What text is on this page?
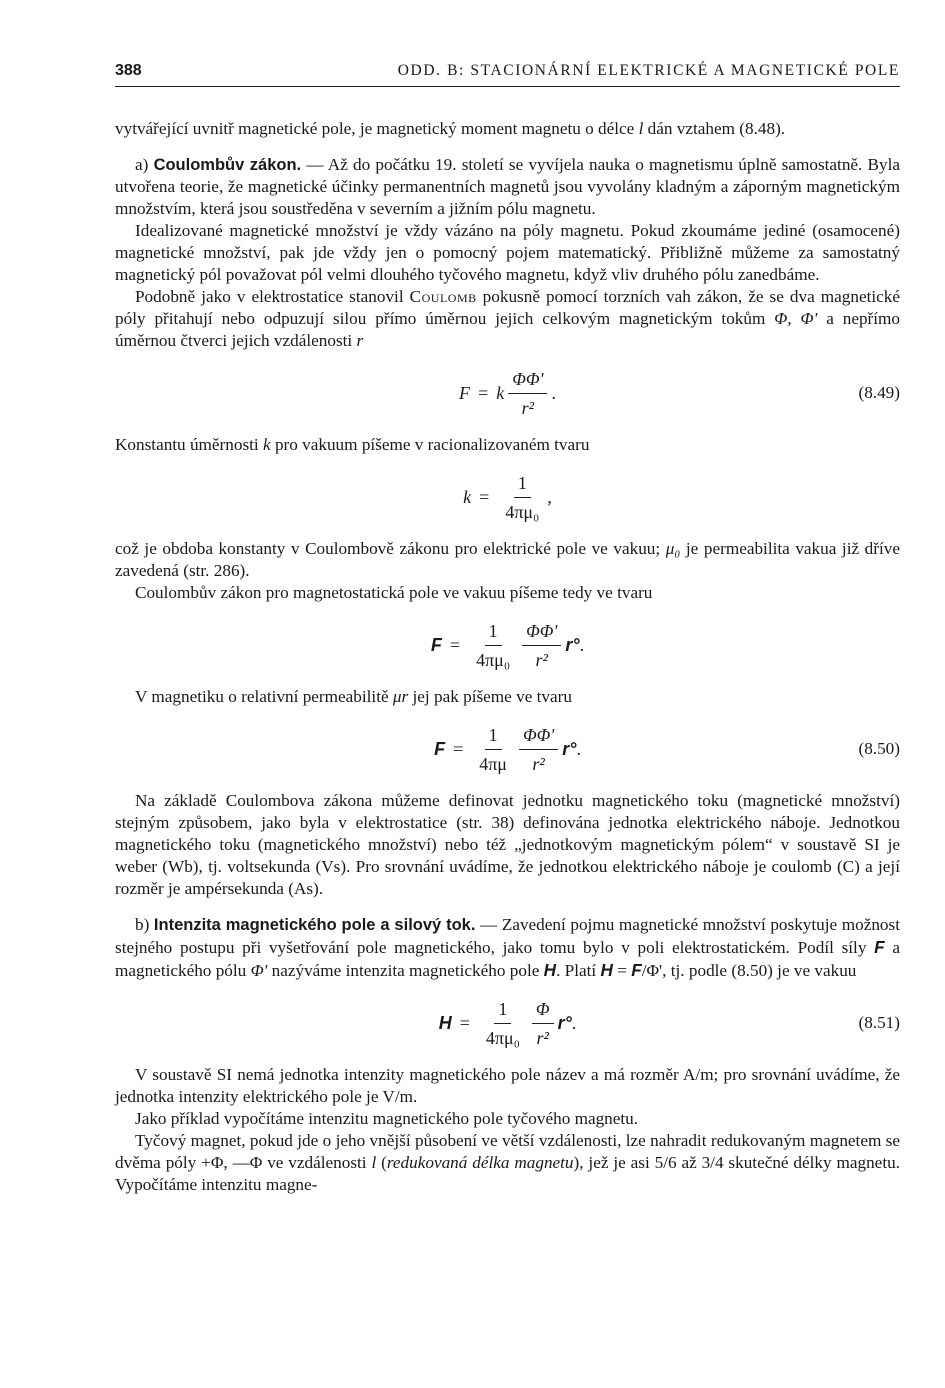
388	ODD. B: STACIONÁRNÍ ELEKTRICKÉ A MAGNETICKÉ POLE

vytvářející uvnitř magnetické pole, je magnetický moment magnetu o délce l dán vztahem (8.48).

a) Coulombův zákon. — Až do počátku 19. století se vyvíjela nauka o magnetismu úplně samostatně. Byla utvořena teorie, že magnetické účinky permanentních magnetů jsou vyvolány kladným a záporným magnetickým množstvím, která jsou soustředěna v severním a jižním pólu magnetu.

Idealizované magnetické množství je vždy vázáno na póly magnetu. Pokud zkoumáme jediné (osamocené) magnetické množství, pak jde vždy jen o pomocný pojem matematický. Přibližně můžeme za samostatný magnetický pól považovat pól velmi dlouhého tyčového magnetu, když vliv druhého pólu zanedbáme.

Podobně jako v elektrostatice stanovil Coulomb pokusně pomocí torzních vah zákon, že se dva magnetické póly přitahují nebo odpuzují silou přímo úměrnou jejich celkovým magnetickým tokům Φ, Φ' a nepřímo úměrnou čtverci jejich vzdálenosti r

F = k $\frac{\Phi\Phi'}{\text{r²}}$ .	(8.49)

Konstantu úměrnosti k pro vakuum píšeme v racionalizovaném tvaru

$k = \frac{1}{\text{4πμ₀}}$ ,

což je obdoba konstanty v Coulombově zákonu pro elektrické pole ve vakuu; μ₀ je permeabilita vakua již dříve zavedená (str. 286).

Coulombův zákon pro magnetostatická pole ve vakuu píšeme tedy ve tvaru

$F = \frac{1}{\text{4πμ₀}} \frac{\Phi\Phi'}{\text{r²}} r^\circ$ .

V magnetiku o relativní permeabilitě μr jej pak píšeme ve tvaru

$F = \frac{1}{4\pi\mu} \frac{\Phi\Phi'}{\text{r²}} r^\circ$ .	(8.50)

Na základě Coulombova zákona můžeme definovat jednotku magnetického toku (magnetické množství) stejným způsobem, jako byla v elektrostatice (str. 38) definována jednotka elektrického náboje. Jednotkou magnetického toku (magnetického množství) nebo též „jednotkovým magnetickým pólem“ v soustavě SI je weber (Wb), tj. voltsekunda (Vs). Pro srovnání uvádíme, že jednotkou elektrického náboje je coulomb (C) a její rozměr je ampérsekunda (As).

b) Intenzita magnetického pole a silový tok. — Zavedení pojmu magnetické množství poskytuje možnost stejného postupu při vyšetřování pole magnetického, jako tomu bylo v poli elektrostatickém. Podíl síly F a magnetického pólu Φ' nazýváme intenzita magnetického pole H. Platí H = F/Φ', tj. podle (8.50) je ve vakuu

$H = \frac{1}{\text{4πμ₀}} \frac{\Phi}{\text{r²}} r^\circ$ .	(8.51)

V soustavě SI nemá jednotka intenzity magnetického pole název a má rozměr A/m; pro srovnání uvádíme, že jednotka intenzity elektrického pole je V/m.

Jako příklad vypočítáme intenzitu magnetického pole tyčového magnetu.

Tyčový magnet, pokud jde o jeho vnější působení ve větší vzdálenosti, lze nahradit redukovaným magnetem se dvěma póly +Φ, —Φ ve vzdálenosti l (redukovaná délka magnetu), jež je asi 5/6 až 3/4 skutečné délky magnetu. Vypočítáme intenzitu magne-
